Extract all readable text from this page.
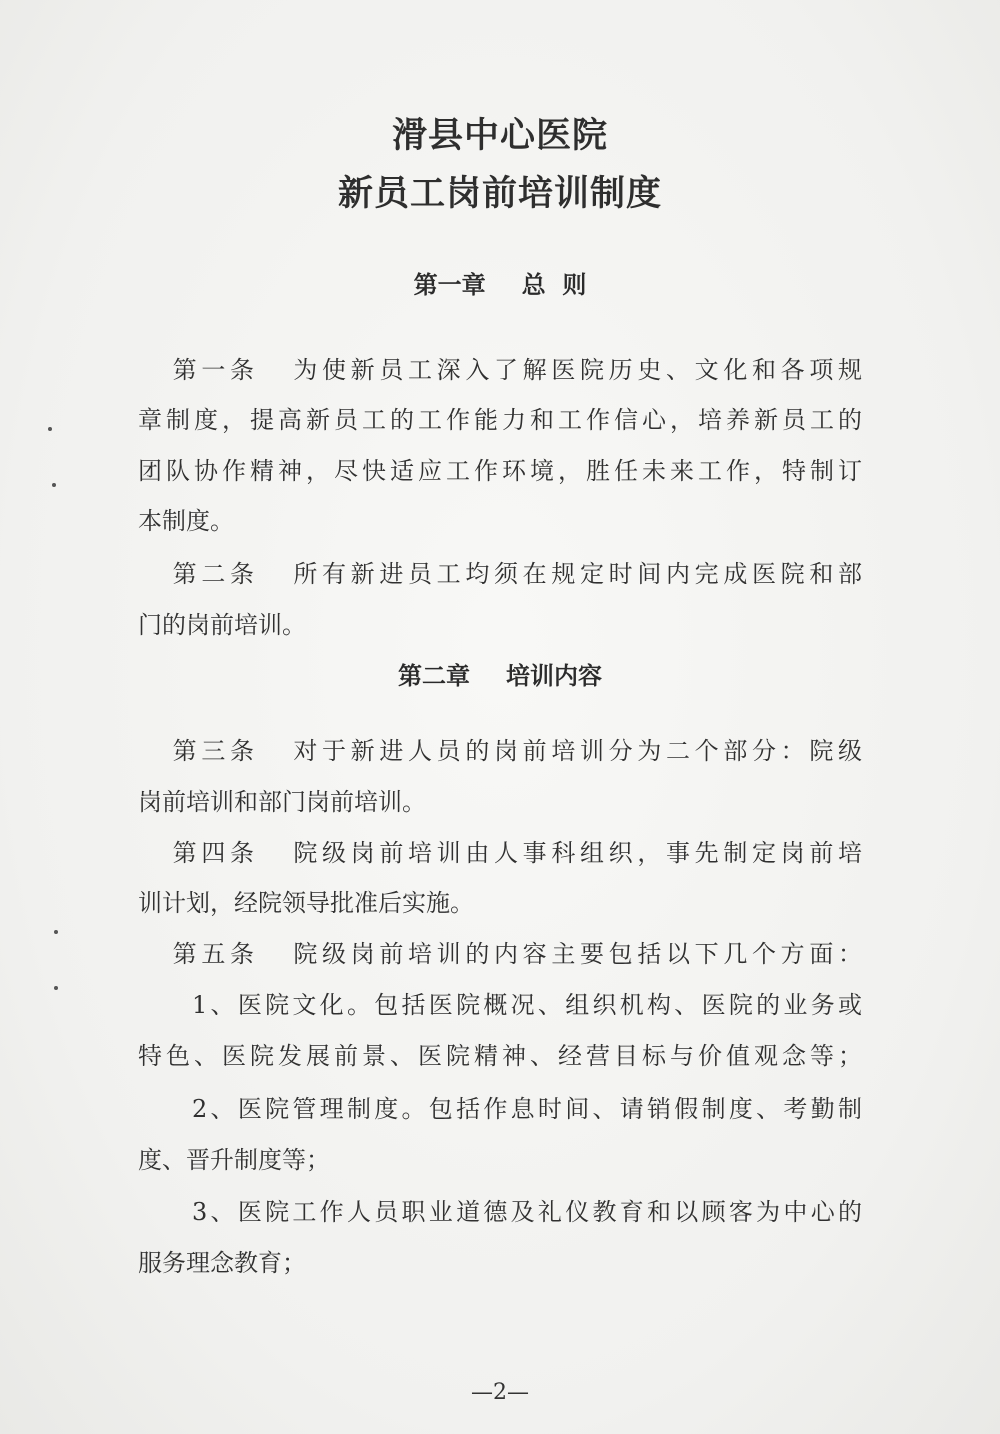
滑县中心医院
新员工岗前培训制度
第一章 总  则
第一条 为使新员工深入了解医院历史、文化和各项规
章制度，提高新员工的工作能力和工作信心，培养新员工的
团队协作精神，尽快适应工作环境，胜任未来工作，特制订
本制度。
第二条 所有新进员工均须在规定时间内完成医院和部
门的岗前培训。
第二章 培训内容
第三条 对于新进人员的岗前培训分为二个部分：院级
岗前培训和部门岗前培训。
第四条 院级岗前培训由人事科组织，事先制定岗前培
训计划，经院领导批准后实施。
第五条 院级岗前培训的内容主要包括以下几个方面：
1、医院文化。包括医院概况、组织机构、医院的业务或
特色、医院发展前景、医院精神、经营目标与价值观念等；
2、医院管理制度。包括作息时间、请销假制度、考勤制
度、晋升制度等；
3、医院工作人员职业道德及礼仪教育和以顾客为中心的
服务理念教育；
—2—
